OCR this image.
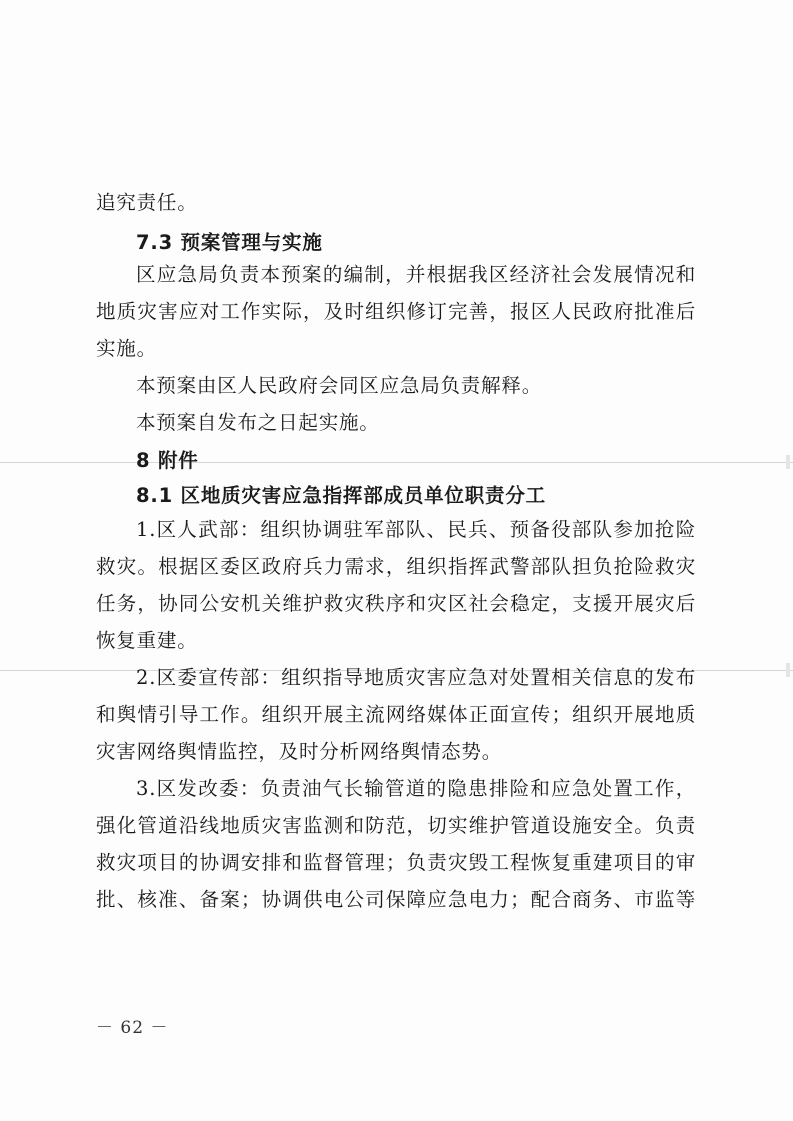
追究责任。
7.3 预案管理与实施
区应急局负责本预案的编制，并根据我区经济社会发展情况和
地质灾害应对工作实际，及时组织修订完善，报区人民政府批准后
实施。
本预案由区人民政府会同区应急局负责解释。
本预案自发布之日起实施。
8 附件
8.1 区地质灾害应急指挥部成员单位职责分工
1.区人武部：组织协调驻军部队、民兵、预备役部队参加抢险
救灾。根据区委区政府兵力需求，组织指挥武警部队担负抢险救灾
任务，协同公安机关维护救灾秩序和灾区社会稳定，支援开展灾后
恢复重建。
2.区委宣传部：组织指导地质灾害应急对处置相关信息的发布
和舆情引导工作。组织开展主流网络媒体正面宣传；组织开展地质
灾害网络舆情监控，及时分析网络舆情态势。
3.区发改委：负责油气长输管道的隐患排险和应急处置工作，
强化管道沿线地质灾害监测和防范，切实维护管道设施安全。负责
救灾项目的协调安排和监督管理；负责灾毁工程恢复重建项目的审
批、核准、备案；协调供电公司保障应急电力；配合商务、市监等
－ 62 －
